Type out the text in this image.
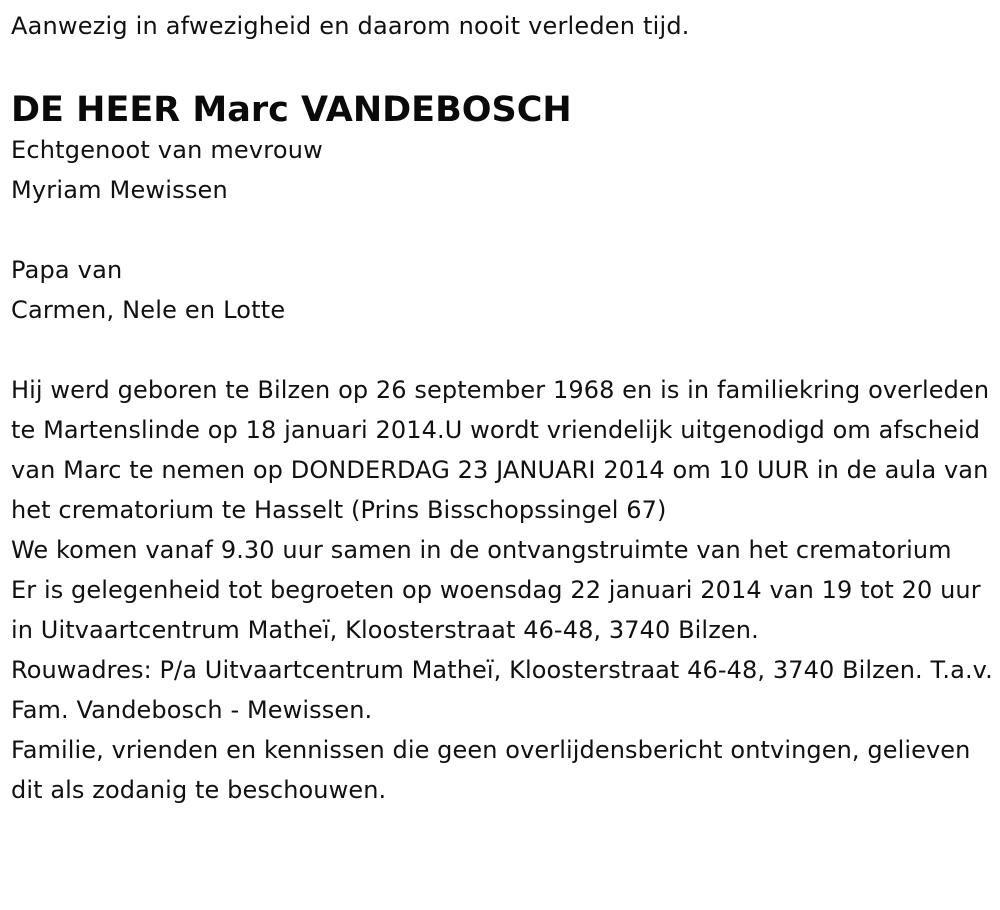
Aanwezig in afwezigheid en daarom nooit verleden tijd.

DE HEER Marc VANDEBOSCH

Echtgenoot van mevrouw

Myriam Mewissen

Papa van

Carmen, Nele en Lotte

Hij werd geboren te Bilzen op 26 september 1968 en is in familiekring overleden te Martenslinde op 18 januari 2014.U wordt vriendelijk uitgenodigd om afscheid van Marc te nemen op DONDERDAG 23 JANUARI 2014 om 10 UUR in de aula van het crematorium te Hasselt (Prins Bisschopssingel 67)

We komen vanaf 9.30 uur samen in de ontvangstruimte van het crematorium

Er is gelegenheid tot begroeten op woensdag 22 januari 2014 van 19 tot 20 uur in Uitvaartcentrum Matheï, Kloosterstraat 46-48, 3740 Bilzen.

Rouwadres: P/a Uitvaartcentrum Matheï, Kloosterstraat 46-48, 3740 Bilzen. T.a.v. Fam. Vandebosch - Mewissen.

Familie, vrienden en kennissen die geen overlijdensbericht ontvingen, gelieven dit als zodanig te beschouwen.
